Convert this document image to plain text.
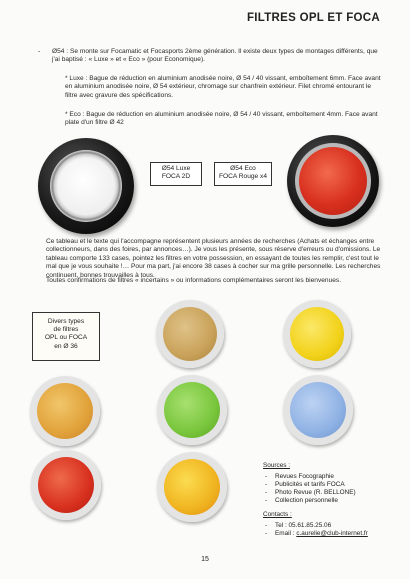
FILTRES OPL ET FOCA
- Ø54 : Se monte sur Focamatic et Focasports 2ème génération. Il existe deux types de montages différents, que j'ai baptisé : « Luxe » et « Eco » (pour Economique).
* Luxe : Bague de réduction en aluminium anodisée noire, Ø 54 / 40 vissant, emboîtement 6mm. Face avant en aluminium anodisée noire, Ø 54 extérieur, chromage sur chanfrein extérieur. Filet chromé entourant le filtre avec gravure des spécifications.
* Eco : Bague de réduction en aluminium anodisée noire, Ø 54 / 40 vissant, emboîtement 4mm. Face avant plate d'un filtre Ø 42
Ø54 Luxe
FOCA 2D
Ø54 Eco
FOCA Rouge x4
Ce tableau et le texte qui l'accompagne représentent plusieurs années de recherches (Achats et échanges entre collectionneurs, dans des foires, par annonces…). Je vous les présente, sous réserve d'erreurs ou d'omissions. Le tableau comporte 133 cases, pointez les filtres en votre possession, en essayant de toutes les remplir, c'est tout le mal que je vous souhaite !… Pour ma part, j'ai encore 38 cases à cocher sur ma grille personnelle. Les recherches continuent, bonnes trouvailles à tous.
Toutes confirmations de filtres « incertains » ou informations complémentaires seront les bienvenues.
Divers types
de filtres
OPL ou FOCA
en Ø 36
Sources :
- Revues Focographie
- Publicités et tarifs FOCA
- Photo Revue (R. BELLONE)
- Collection personnelle
Contacts :
- Tel : 05.61.85.25.06
- Email : c.aurelie@club-internet.fr
15
